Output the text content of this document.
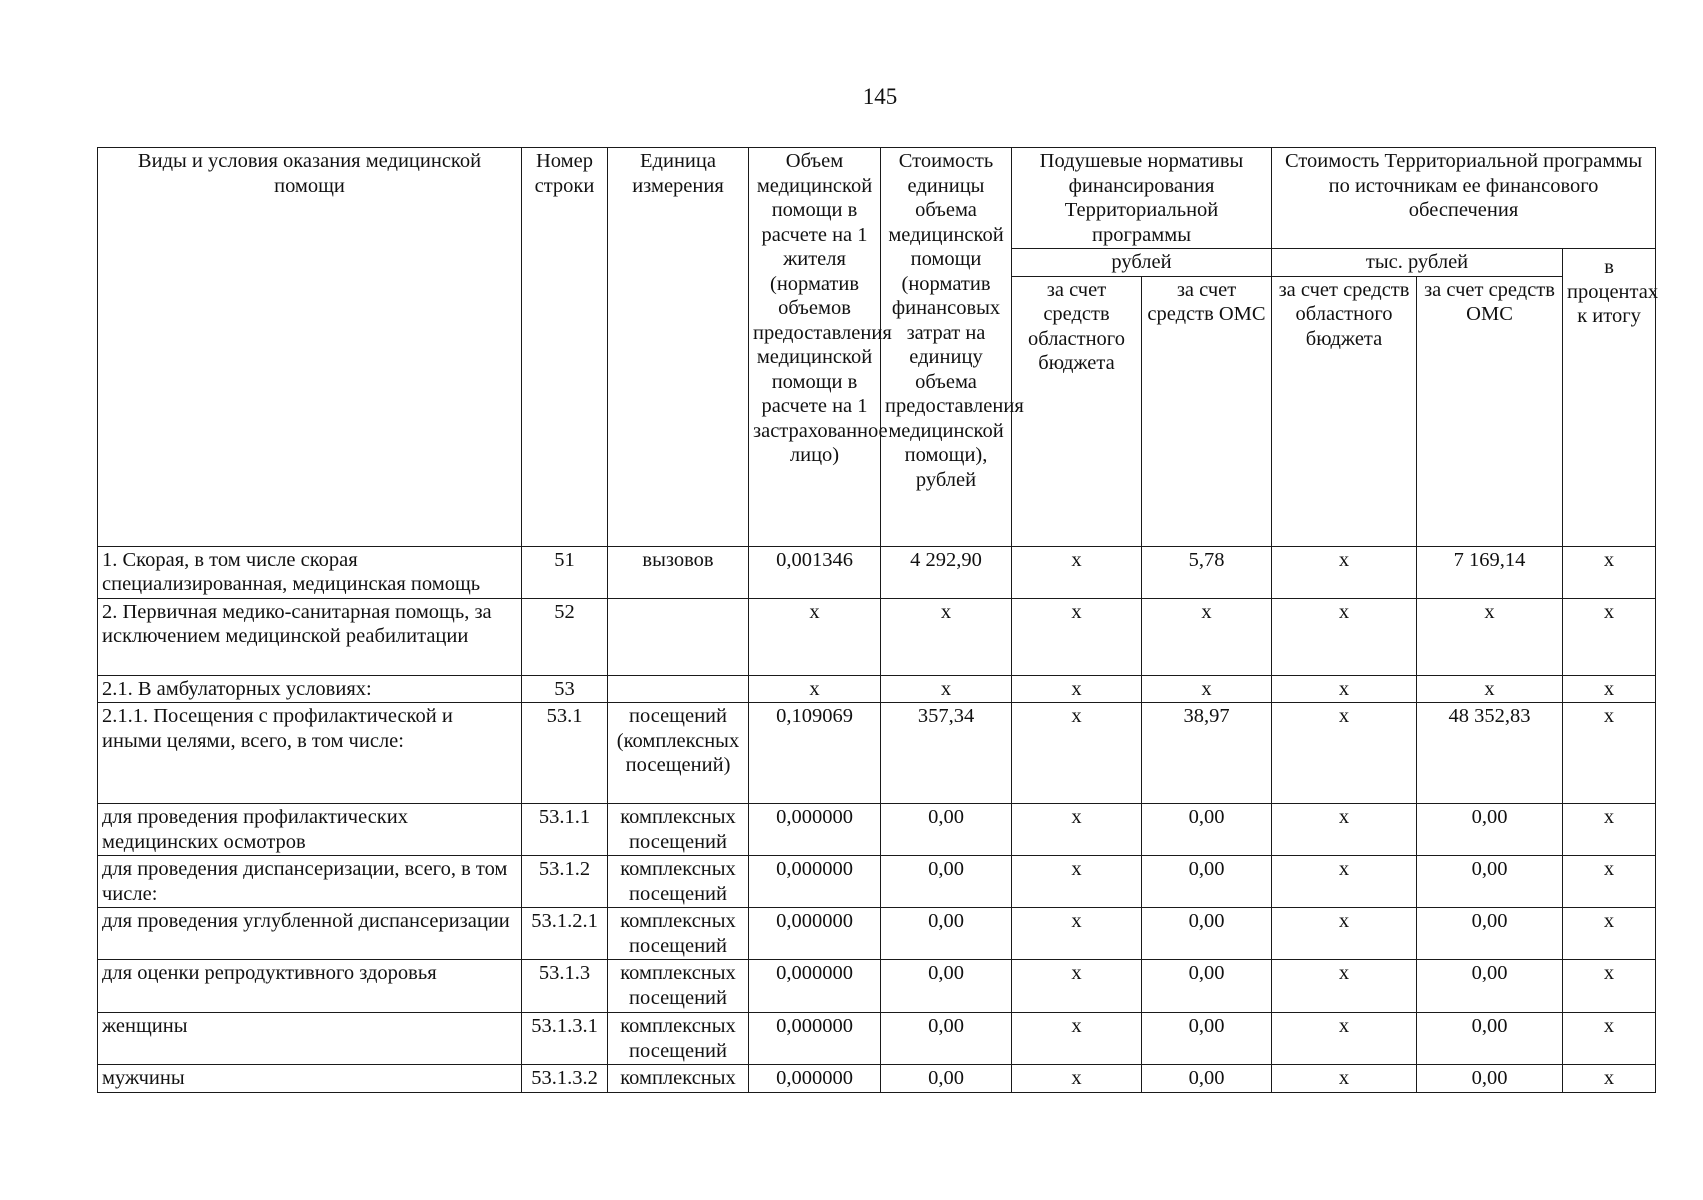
145
Виды и условия оказания медицинской помощи	Номер строки	Единица измерения	Объем медицинской помощи в расчете на 1 жителя (норматив объемов предоставления медицинской помощи в расчете на 1 застрахованное лицо)	Стоимость единицы объема медицинской помощи (норматив финансовых затрат на единицу объема предоставления медицинской помощи), рублей	Подушевые нормативы финансирования Территориальной программы		Стоимость Территориальной программы по источникам ее финансового обеспечения		
					рублей		тыс. рублей		в процентах к итогу
					за счет средств областного бюджета	за счет средств ОМС	за счет средств областного бюджета	за счет средств ОМС	
1. Скорая, в том числе скорая специализированная, медицинская помощь	51	вызовов	0,001346	4 292,90	x	5,78	x	7 169,14	x
2. Первичная медико-санитарная помощь, за исключением медицинской реабилитации	52		x	x	x	x	x	x	x
2.1. В амбулаторных условиях:	53		x	x	x	x	x	x	x
2.1.1. Посещения с профилактической и иными целями, всего, в том числе:	53.1	посещений (комплексных посещений)	0,109069	357,34	x	38,97	x	48 352,83	x
для проведения профилактических медицинских осмотров	53.1.1	комплексных посещений	0,000000	0,00	x	0,00	x	0,00	x
для проведения диспансеризации, всего, в том числе:	53.1.2	комплексных посещений	0,000000	0,00	x	0,00	x	0,00	x
для проведения углубленной диспансеризации	53.1.2.1	комплексных посещений	0,000000	0,00	x	0,00	x	0,00	x
для оценки репродуктивного здоровья	53.1.3	комплексных посещений	0,000000	0,00	x	0,00	x	0,00	x
женщины	53.1.3.1	комплексных посещений	0,000000	0,00	x	0,00	x	0,00	x
мужчины	53.1.3.2	комплексных	0,000000	0,00	x	0,00	x	0,00	x
